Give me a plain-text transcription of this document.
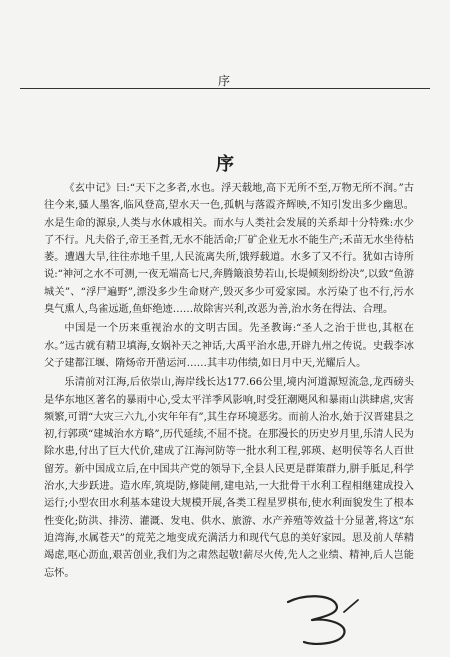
序
序

《玄中记》曰:“天下之多者,水也。浮天载地,高下无所不至,万物无所不润。”古往今来,骚人墨客,临风登高,望水天一色,孤帆与落霞齐辉映,不知引发出多少幽思。水是生命的源泉,人类与水休戚相关。而水与人类社会发展的关系却十分特殊:水少了不行。凡夫俗子,帝王圣哲,无水不能活命;厂矿企业无水不能生产;禾苗无水坐待枯萎。遭遇大旱,往往赤地千里,人民流离失所,饿殍载道。水多了又不行。犹如古诗所说:“神河之水不可测,一夜无端高七尺,奔腾簸浪势若山,长堤倾刻纷纷决”,以致“鱼游城关”、“浮尸遍野”,漂没多少生命财产,毁灭多少可爱家园。水污染了也不行,污水臭气熏人,鸟雀远逝,鱼虾绝迹……故除害兴利,改恶为善,治水务在得法、合理。

中国是一个历来重视治水的文明古国。先圣教诲:“圣人之治于世也,其枢在水。”远古就有精卫填海,女娲补天之神话,大禹平治水患,开辟九州之传说。史载李冰父子建都江堰、隋炀帝开凿运河……其丰功伟绩,如日月中天,光耀后人。

乐清前对江海,后依崇山,海岸线长达177.66公里,境内河道源短流急,龙西磅头是华东地区著名的暴雨中心,受太平洋季风影响,时受狂潮飓风和暴雨山洪肆虐,灾害频繁,可谓“大灾三六九,小灾年年有”,其生存环境恶劣。而前人治水,始于汉晋建县之初,行郭瑛“建城治水方略”,历代延续,不屈不挠。在那漫长的历史岁月里,乐清人民为除水患,付出了巨大代价,建成了江海河防等一批水利工程,郭瑛、赵明侯等名人百世留芳。新中国成立后,在中国共产党的领导下,全县人民更是群策群力,胼手胝足,科学治水,大步跃进。造水库,筑堤防,修陡闸,建电站,一大批骨干水利工程相继建成投入运行;小型农田水利基本建设大规模开展,各类工程星罗棋布,使水利面貌发生了根本性变化;防洪、排涝、灌溉、发电、供水、旅游、水产养殖等效益十分显著,将这“东迫湾海,水属苍天”的荒芜之地变成充满活力和现代气息的美好家园。思及前人荜精竭虑,呕心沥血,艰苦创业,我们为之肃然起敬!薪尽火传,先人之业绩、精神,后人岂能忘怀。
